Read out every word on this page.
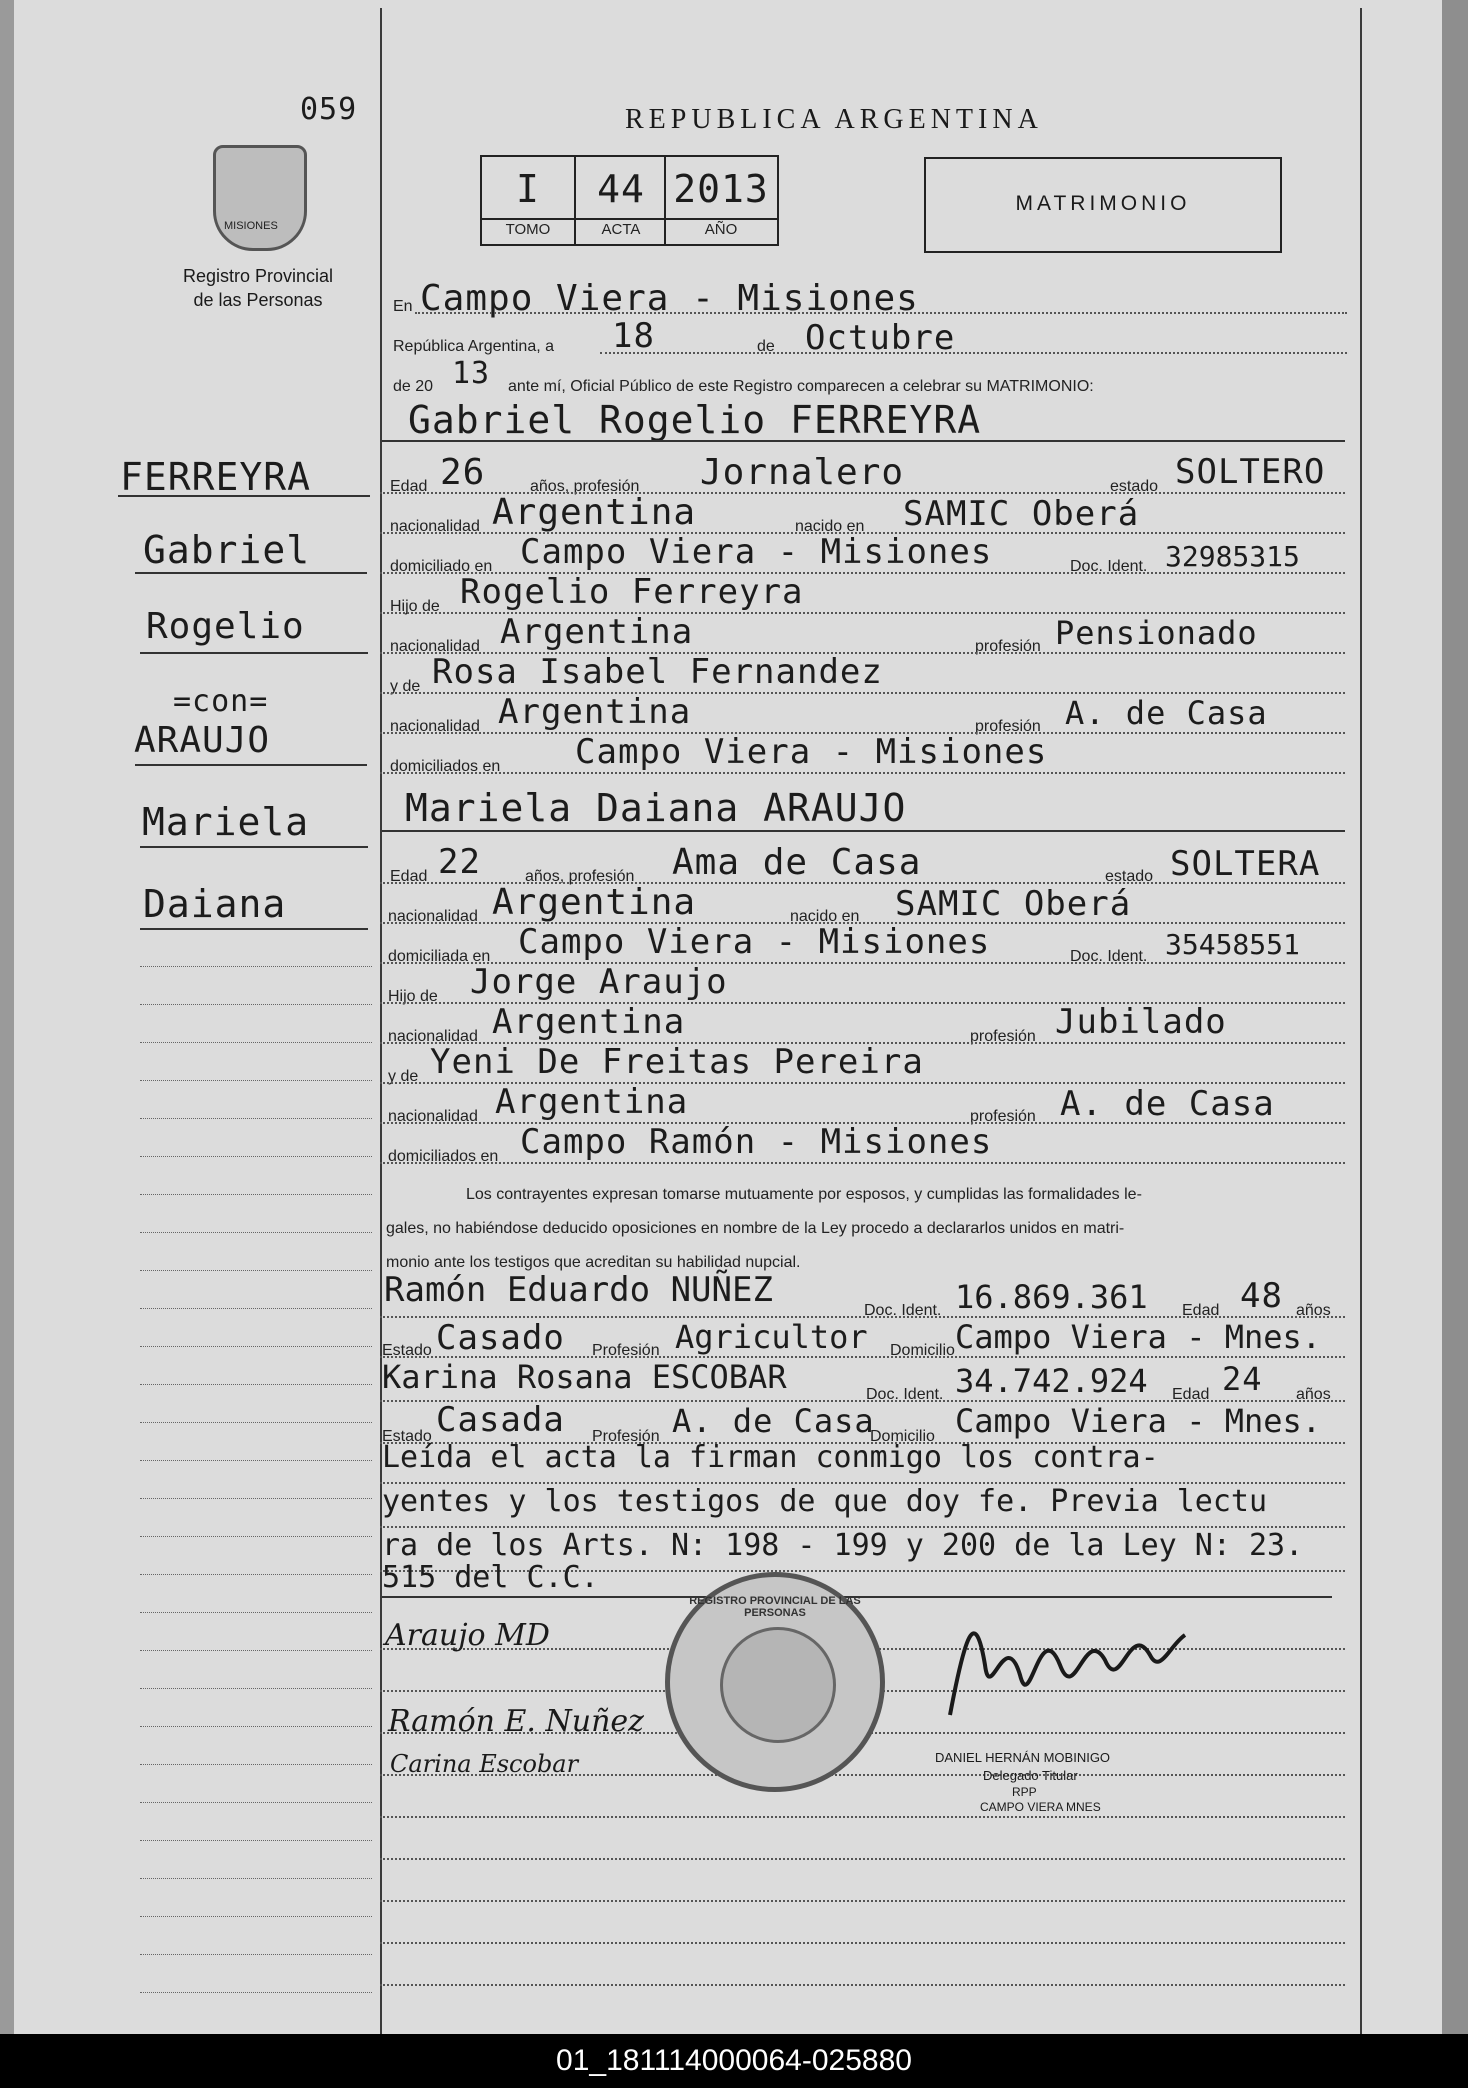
059
MISIONES
Registro Provincial
de las Personas
REPUBLICA ARGENTINA
I	44 2013
TOMO	ACTA	AÑO
MATRIMONIO
En Campo Viera - Misiones
República Argentina, a 18	de Octubre
de 20 13 ante mí, Oficial Público de este Registro comparecen a celebrar su MATRIMONIO:
Gabriel Rogelio FERREYRA
Edad 26	años, profesión Jornalero	estado SOLTERO
nacionalidad Argentina	nacido en SAMIC Oberá
domiciliado en Campo Viera - Misiones	Doc. Ident. 32985315
Hijo de Rogelio Ferreyra
nacionalidad Argentina	profesión Pensionado
y de Rosa Isabel Fernandez
nacionalidad Argentina	profesión A. de Casa
domiciliados en Campo Viera - Misiones
Mariela Daiana ARAUJO
Edad 22	años, profesión Ama de Casa	estado SOLTERA
nacionalidad Argentina	nacido en SAMIC Oberá
domiciliada en Campo Viera - Misiones	Doc. Ident. 35458551
Hijo de Jorge Araujo
nacionalidad Argentina	profesión Jubilado
y de Yeni De Freitas Pereira
nacionalidad Argentina	profesión A. de Casa
domiciliados en Campo Ramón - Misiones
Los contrayentes expresan tomarse mutuamente por esposos, y cumplidas las formalidades le-
gales, no habiéndose deducido oposiciones en nombre de la Ley procedo a declararlos unidos en matri-
monio ante los testigos que acreditan su habilidad nupcial.
Ramón Eduardo NUÑEZ
Doc. Ident. 16.869.361 Edad 48 años
Estado Casado Profesión Agricultor Domicilio Campo Viera - Mnes.
Karina Rosana ESCOBAR	Doc. Ident. 34.742.924 Edad 24 años
Estado Casada Profesión A. de Casa
Domicilio Campo Viera - Mnes.
Leída el acta la firman conmigo los contra-
yentes y los testigos de que doy fe. Previa lectu
ra de los Arts. N: 198 - 199 y 200 de la Ley N: 23.
515 del C.C.
Araujo MD
Ramón E. Nuñez
Carina Escobar
REGISTRO PROVINCIAL DE LAS PERSONAS
DANIEL HERNÁN MOBINIGO
Delegado Titular
RPP
CAMPO VIERA MNES
FERREYRA
Gabriel
Rogelio
=con=
ARAUJO
Mariela
Daiana
01_181114000064-025880
